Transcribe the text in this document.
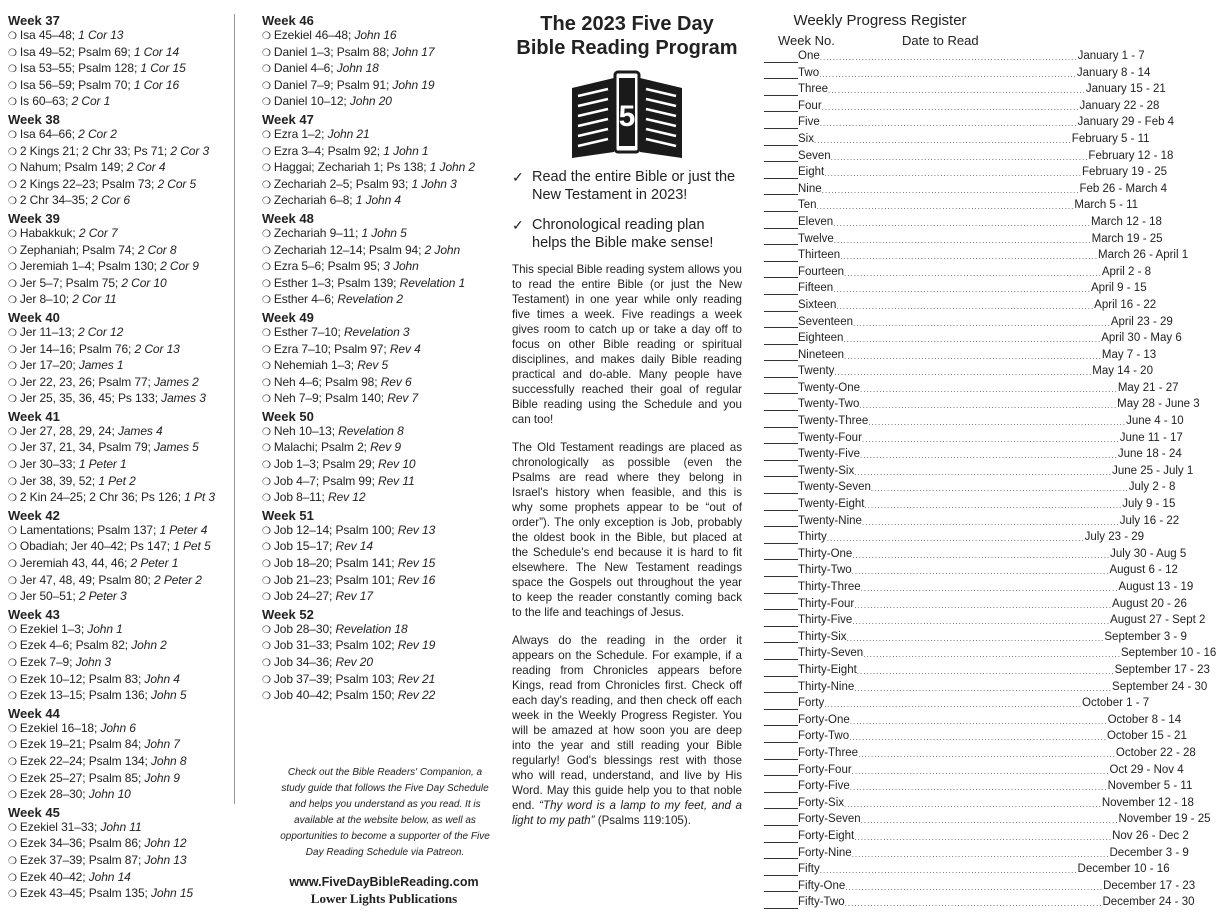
Week 37
❍ Isa 45–48; 1 Cor 13
❍ Isa 49–52; Psalm 69; 1 Cor 14
❍ Isa 53–55; Psalm 128; 1 Cor 15
❍ Isa 56–59; Psalm 70; 1 Cor 16
❍ Is 60–63; 2 Cor 1
Week 38
❍ Isa 64–66; 2 Cor 2
❍ 2 Kings 21; 2 Chr 33; Ps 71; 2 Cor 3
❍ Nahum; Psalm 149; 2 Cor 4
❍ 2 Kings 22–23; Psalm 73; 2 Cor 5
❍ 2 Chr 34–35; 2 Cor 6
Week 39
❍ Habakkuk; 2 Cor 7
❍ Zephaniah; Psalm 74; 2 Cor 8
❍ Jeremiah 1–4; Psalm 130; 2 Cor 9
❍ Jer 5–7; Psalm 75; 2 Cor 10
❍ Jer 8–10; 2 Cor 11
Week 40
❍ Jer 11–13; 2 Cor 12
❍ Jer 14–16; Psalm 76; 2 Cor 13
❍ Jer 17–20; James 1
❍ Jer 22, 23, 26; Psalm 77; James 2
❍ Jer 25, 35, 36, 45; Ps 133; James 3
Week 41
❍ Jer 27, 28, 29, 24; James 4
❍ Jer 37, 21, 34, Psalm 79; James 5
❍ Jer 30–33; 1 Peter 1
❍ Jer 38, 39, 52; 1 Pet 2
❍ 2 Kin 24–25; 2 Chr 36; Ps 126; 1 Pt 3
Week 42
❍ Lamentations; Psalm 137; 1 Peter 4
❍ Obadiah; Jer 40–42; Ps 147; 1 Pet 5
❍ Jeremiah 43, 44, 46; 2 Peter 1
❍ Jer 47, 48, 49; Psalm 80; 2 Peter 2
❍ Jer 50–51; 2 Peter 3
Week 43
❍ Ezekiel 1–3; John 1
❍ Ezek 4–6; Psalm 82; John 2
❍ Ezek 7–9; John 3
❍ Ezek 10–12; Psalm 83; John 4
❍ Ezek 13–15; Psalm 136; John 5
Week 44
❍ Ezekiel 16–18; John 6
❍ Ezek 19–21; Psalm 84; John 7
❍ Ezek 22–24; Psalm 134; John 8
❍ Ezek 25–27; Psalm 85; John 9
❍ Ezek 28–30; John 10
Week 45
❍ Ezekiel 31–33; John 11
❍ Ezek 34–36; Psalm 86; John 12
❍ Ezek 37–39; Psalm 87; John 13
❍ Ezek 40–42; John 14
❍ Ezek 43–45; Psalm 135; John 15
Week 46
❍ Ezekiel 46–48; John 16
❍ Daniel 1–3; Psalm 88; John 17
❍ Daniel 4–6; John 18
❍ Daniel 7–9; Psalm 91; John 19
❍ Daniel 10–12; John 20
Week 47
❍ Ezra 1–2; John 21
❍ Ezra 3–4; Psalm 92; 1 John 1
❍ Haggai; Zechariah 1; Ps 138; 1 John 2
❍ Zechariah 2–5; Psalm 93; 1 John 3
❍ Zechariah 6–8; 1 John 4
Week 48
❍ Zechariah 9–11; 1 John 5
❍ Zechariah 12–14; Psalm 94; 2 John
❍ Ezra 5–6; Psalm 95; 3 John
❍ Esther 1–3; Psalm 139; Revelation 1
❍ Esther 4–6; Revelation 2
Week 49
❍ Esther 7–10; Revelation 3
❍ Ezra 7–10; Psalm 97; Rev 4
❍ Nehemiah 1–3; Rev 5
❍ Neh 4–6; Psalm 98; Rev 6
❍ Neh 7–9; Psalm 140; Rev 7
Week 50
❍ Neh 10–13; Revelation 8
❍ Malachi; Psalm 2; Rev 9
❍ Job 1–3; Psalm 29; Rev 10
❍ Job 4–7; Psalm 99; Rev 11
❍ Job 8–11; Rev 12
Week 51
❍ Job 12–14; Psalm 100; Rev 13
❍ Job 15–17; Rev 14
❍ Job 18–20; Psalm 141; Rev 15
❍ Job 21–23; Psalm 101; Rev 16
❍ Job 24–27; Rev 17
Week 52
❍ Job 28–30; Revelation 18
❍ Job 31–33; Psalm 102; Rev 19
❍ Job 34–36; Rev 20
❍ Job 37–39; Psalm 103; Rev 21
❍ Job 40–42; Psalm 150; Rev 22
Check out the Bible Readers' Companion, a study guide that follows the Five Day Schedule and helps you understand as you read. It is available at the website below, as well as opportunities to become a supporter of the Five Day Reading Schedule via Patreon.
www.FiveDayBibleReading.com
Lower Lights Publications
The 2023 Five Day
Bible Reading Program
5
✓ Read the entire Bible or just the New Testament in 2023!
✓ Chronological reading plan helps the Bible make sense!
This special Bible reading system allows you to read the entire Bible (or just the New Testament) in one year while only reading five times a week. Five readings a week gives room to catch up or take a day off to focus on other Bible reading or spiritual disciplines, and makes daily Bible reading practical and do-able. Many people have successfully reached their goal of regular Bible reading using the Schedule and you can too!
The Old Testament readings are placed as chronologically as possible (even the Psalms are read where they belong in Israel's history when feasible, and this is why some prophets appear to be “out of order”). The only exception is Job, probably the oldest book in the Bible, but placed at the Schedule's end because it is hard to fit elsewhere. The New Testament readings space the Gospels out throughout the year to keep the reader constantly coming back to the life and teachings of Jesus.
Always do the reading in the order it appears on the Schedule. For example, if a reading from Chronicles appears before Kings, read from Chronicles first. Check off each day's reading, and then check off each week in the Weekly Progress Register. You will be amazed at how soon you are deep into the year and still reading your Bible regularly! God's blessings rest with those who will read, understand, and live by His Word. May this guide help you to that noble end. “Thy word is a lamp to my feet, and a light to my path” (Psalms 119:105).
Weekly Progress Register
Week No.	Date to Read
One ................................................................................ January 1 - 7
Two ................................................................................ January 8 - 14
Three ................................................................................ January 15 - 21
Four ................................................................................ January 22 - 28
Five ................................................................................ January 29 - Feb 4
Six ................................................................................ February 5 - 11
Seven ................................................................................ February 12 - 18
Eight ................................................................................ February 19 - 25
Nine ................................................................................ Feb 26 - March 4
Ten ................................................................................ March 5 - 11
Eleven ................................................................................ March 12 - 18
Twelve ................................................................................ March 19 - 25
Thirteen ................................................................................ March 26 - April 1
Fourteen ................................................................................ April 2 - 8
Fifteen ................................................................................ April 9 - 15
Sixteen ................................................................................ April 16 - 22
Seventeen ................................................................................ April 23 - 29
Eighteen ................................................................................ April 30 - May 6
Nineteen ................................................................................ May 7 - 13
Twenty ................................................................................ May 14 - 20
Twenty-One ................................................................................ May 21 - 27
Twenty-Two ................................................................................ May 28 - June 3
Twenty-Three ................................................................................ June 4 - 10
Twenty-Four ................................................................................ June 11 - 17
Twenty-Five ................................................................................ June 18 - 24
Twenty-Six ................................................................................ June 25 - July 1
Twenty-Seven ................................................................................ July 2 - 8
Twenty-Eight ................................................................................ July 9 - 15
Twenty-Nine ................................................................................ July 16 - 22
Thirty ................................................................................ July 23 - 29
Thirty-One ................................................................................ July 30 - Aug 5
Thirty-Two ................................................................................ August 6 - 12
Thirty-Three ................................................................................ August 13 - 19
Thirty-Four ................................................................................ August 20 - 26
Thirty-Five ................................................................................ August 27 - Sept 2
Thirty-Six ................................................................................ September 3 - 9
Thirty-Seven ................................................................................ September 10 - 16
Thirty-Eight ................................................................................ September 17 - 23
Thirty-Nine ................................................................................ September 24 - 30
Forty ................................................................................ October 1 - 7
Forty-One ................................................................................ October 8 - 14
Forty-Two ................................................................................ October 15 - 21
Forty-Three ................................................................................ October 22 - 28
Forty-Four ................................................................................ Oct 29 - Nov 4
Forty-Five ................................................................................ November 5 - 11
Forty-Six ................................................................................ November 12 - 18
Forty-Seven ................................................................................ November 19 - 25
Forty-Eight ................................................................................ Nov 26 - Dec 2
Forty-Nine ................................................................................ December 3 - 9
Fifty ................................................................................ December 10 - 16
Fifty-One ................................................................................ December 17 - 23
Fifty-Two ................................................................................ December 24 - 30
